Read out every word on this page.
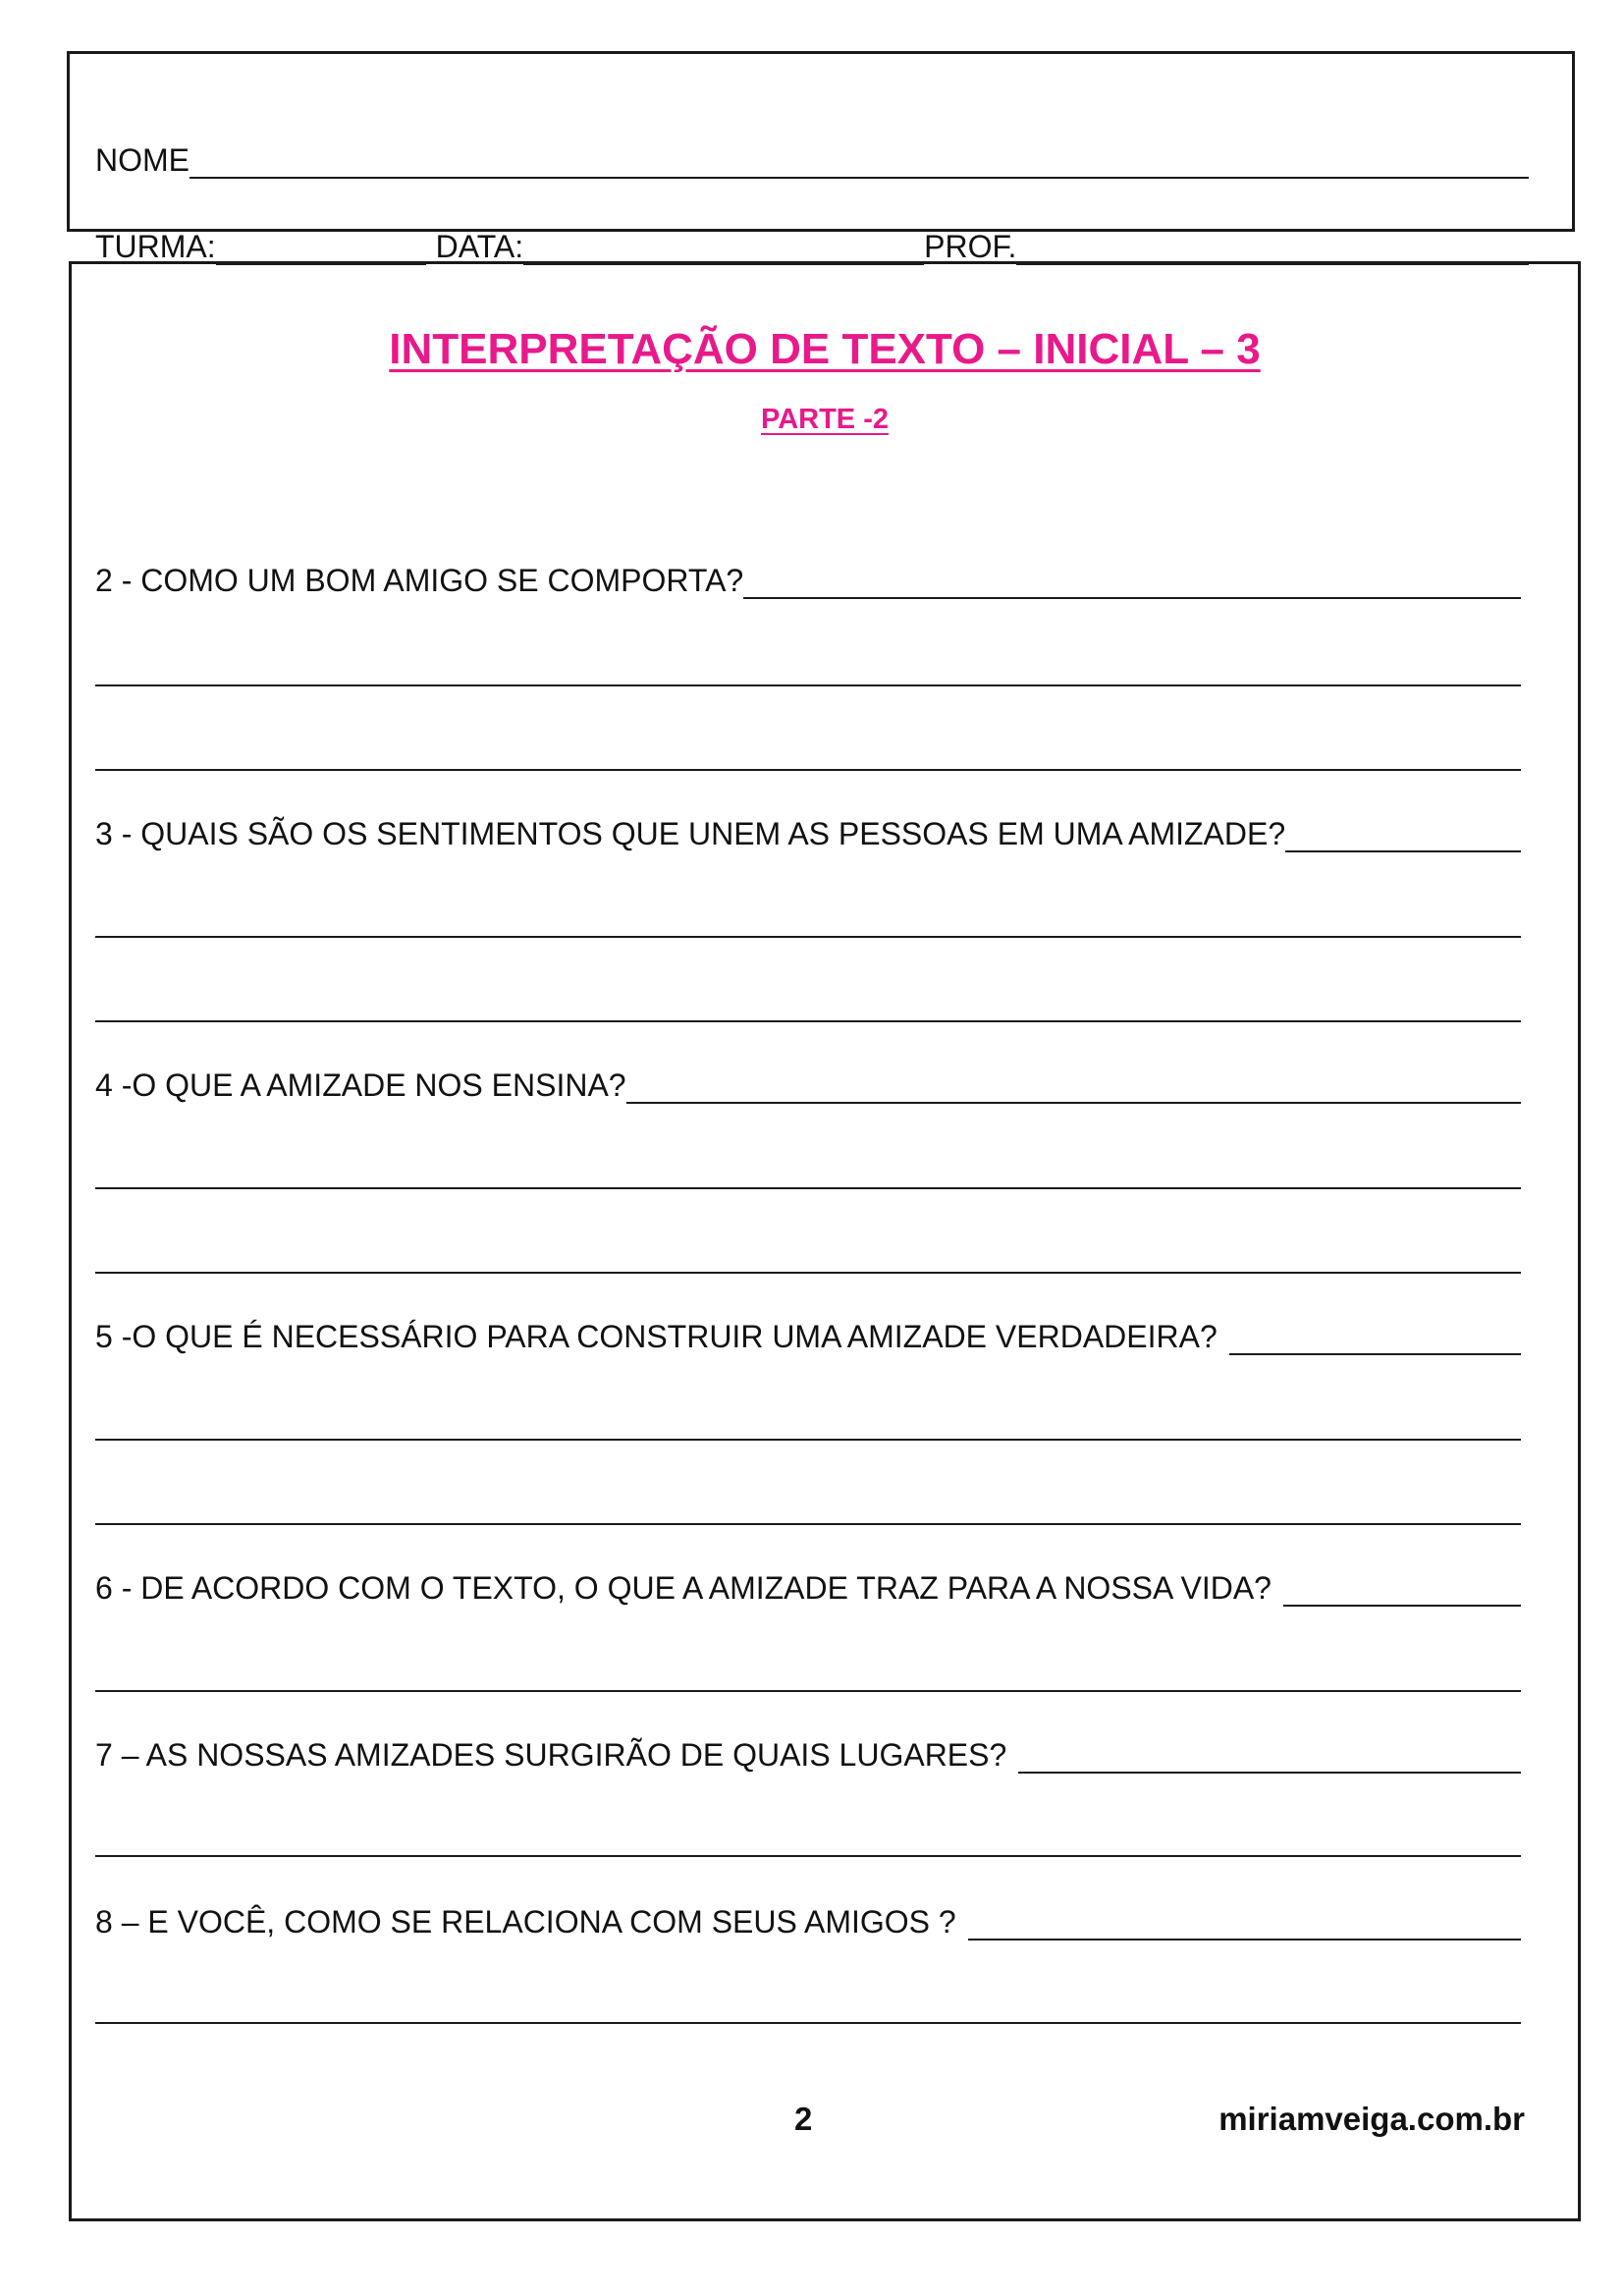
NOME
TURMA:	DATA:	PROF.
INTERPRETAÇÃO DE TEXTO – INICIAL – 3
PARTE -2
2 - COMO UM BOM AMIGO SE COMPORTA?
3 - QUAIS SÃO OS SENTIMENTOS QUE UNEM AS PESSOAS EM UMA AMIZADE?
4 -O QUE A AMIZADE NOS ENSINA?
5 -O QUE É NECESSÁRIO PARA CONSTRUIR UMA AMIZADE VERDADEIRA?
6 - DE ACORDO COM O TEXTO, O QUE A AMIZADE TRAZ PARA A NOSSA VIDA?
7 – AS NOSSAS AMIZADES SURGIRÃO DE QUAIS LUGARES?
8 – E VOCÊ, COMO SE RELACIONA COM SEUS AMIGOS ?
2	miriamveiga.com.br
